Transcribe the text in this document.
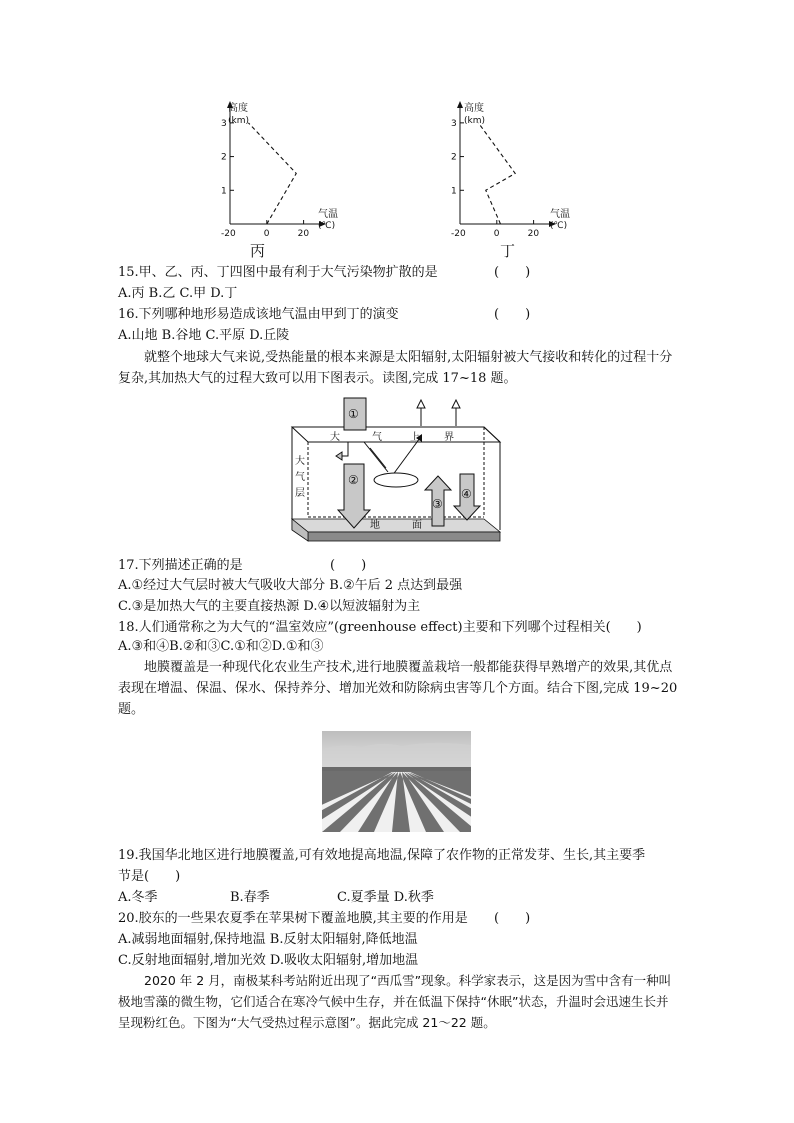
高度
(km)
气温
(℃)
1
2
3
-20	0	20
丙
高度
(km)
气温
(℃)
1
2
3
-20	0	20
丁
15.甲、乙、丙、丁四图中最有利于大气污染物扩散的是	(　　)
A.丙 B.乙 C.甲 D.丁
16.下列哪种地形易造成该地气温由甲到丁的演变	(　　)
A.山地 B.谷地 C.平原 D.丘陵
就整个地球大气来说,受热能量的根本来源是太阳辐射,太阳辐射被大气接收和转化的过程十分复杂,其加热大气的过程大致可以用下图表示。读图,完成 17~18 题。
①
②
③
④
大	气	上 界
大
气
层
地	面
17.下列描述正确的是	(　　)
A.①经过大气层时被大气吸收大部分 B.②午后 2 点达到最强
C.③是加热大气的主要直接热源 D.④以短波辐射为主
18.人们通常称之为大气的“温室效应”(greenhouse effect)主要和下列哪个过程相关(　　)
A.③和④B.②和③C.①和②D.①和③
地膜覆盖是一种现代化农业生产技术,进行地膜覆盖栽培一般都能获得早熟增产的效果,其优点表现在增温、保温、保水、保持养分、增加光效和防除病虫害等几个方面。结合下图,完成 19~20 题。
19.我国华北地区进行地膜覆盖,可有效地提高地温,保障了农作物的正常发芽、生长,其主要季
节是(　　)
A.冬季	B.春季	C.夏季量 D.秋季
20.胶东的一些果农夏季在苹果树下覆盖地膜,其主要的作用是 (　　)
A.减弱地面辐射,保持地温 B.反射太阳辐射,降低地温
C.反射地面辐射,增加光效 D.吸收太阳辐射,增加地温
2020 年 2 月，南极某科考站附近出现了“西瓜雪”现象。科学家表示，这是因为雪中含有一种叫极地雪藻的微生物，它们适合在寒冷气候中生存，并在低温下保持“休眠”状态，升温时会迅速生长并呈现粉红色。下图为“大气受热过程示意图”。据此完成 21～22 题。
